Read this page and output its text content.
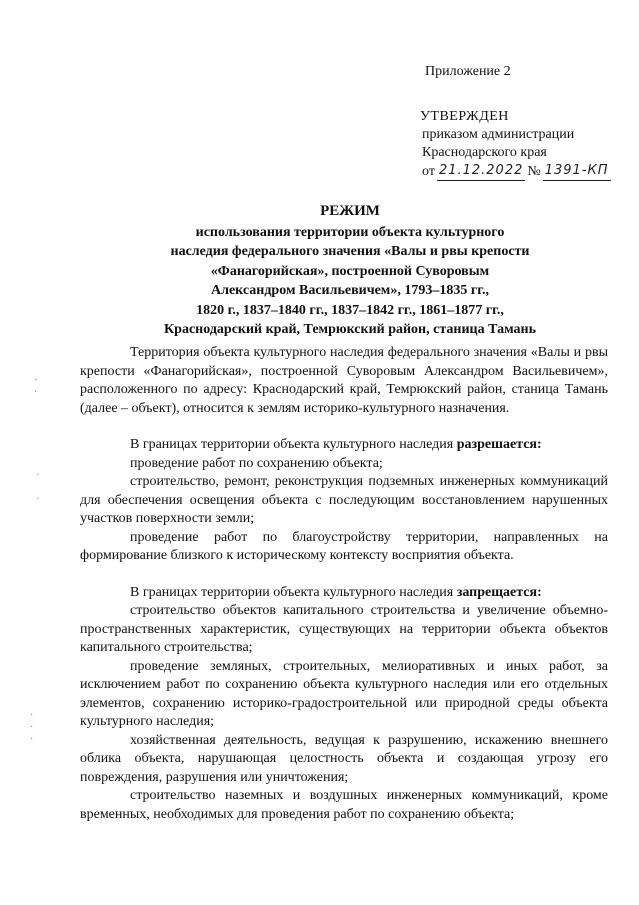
Приложение 2
УТВЕРЖДЕН
приказом администрации
Краснодарского края
от 21.12.2022 № 1391-КП
РЕЖИМ
использования территории объекта культурного
наследия федерального значения «Валы и рвы крепости
«Фанагорийская», построенной Суворовым
Александром Васильевичем», 1793–1835 гг.,
1820 г., 1837–1840 гг., 1837–1842 гг., 1861–1877 гг.,
Краснодарский край, Темрюкский район, станица Тамань

Территория объекта культурного наследия федерального значения «Валы и рвы крепости «Фанагорийская», построенной Суворовым Александром Васильевичем», расположенного по адресу: Краснодарский край, Темрюкский район, станица Тамань (далее – объект), относится к землям историко-культурного назначения.

В границах территории объекта культурного наследия разрешается:

проведение работ по сохранению объекта;

строительство, ремонт, реконструкция подземных инженерных коммуникаций для обеспечения освещения объекта с последующим восстановлением нарушенных участков поверхности земли;

проведение работ по благоустройству территории, направленных на формирование близкого к историческому контексту восприятия объекта.

В границах территории объекта культурного наследия запрещается:

строительство объектов капитального строительства и увеличение объемно-пространственных характеристик, существующих на территории объекта объектов капитального строительства;

проведение земляных, строительных, мелиоративных и иных работ, за исключением работ по сохранению объекта культурного наследия или его отдельных элементов, сохранению историко-градостроительной или природной среды объекта культурного наследия;

хозяйственная деятельность, ведущая к разрушению, искажению внешнего облика объекта, нарушающая целостность объекта и создающая угрозу его повреждения, разрушения или уничтожения;

строительство наземных и воздушных инженерных коммуникаций, кроме временных, необходимых для проведения работ по сохранению объекта;

·
·
·

·
·
·
·
